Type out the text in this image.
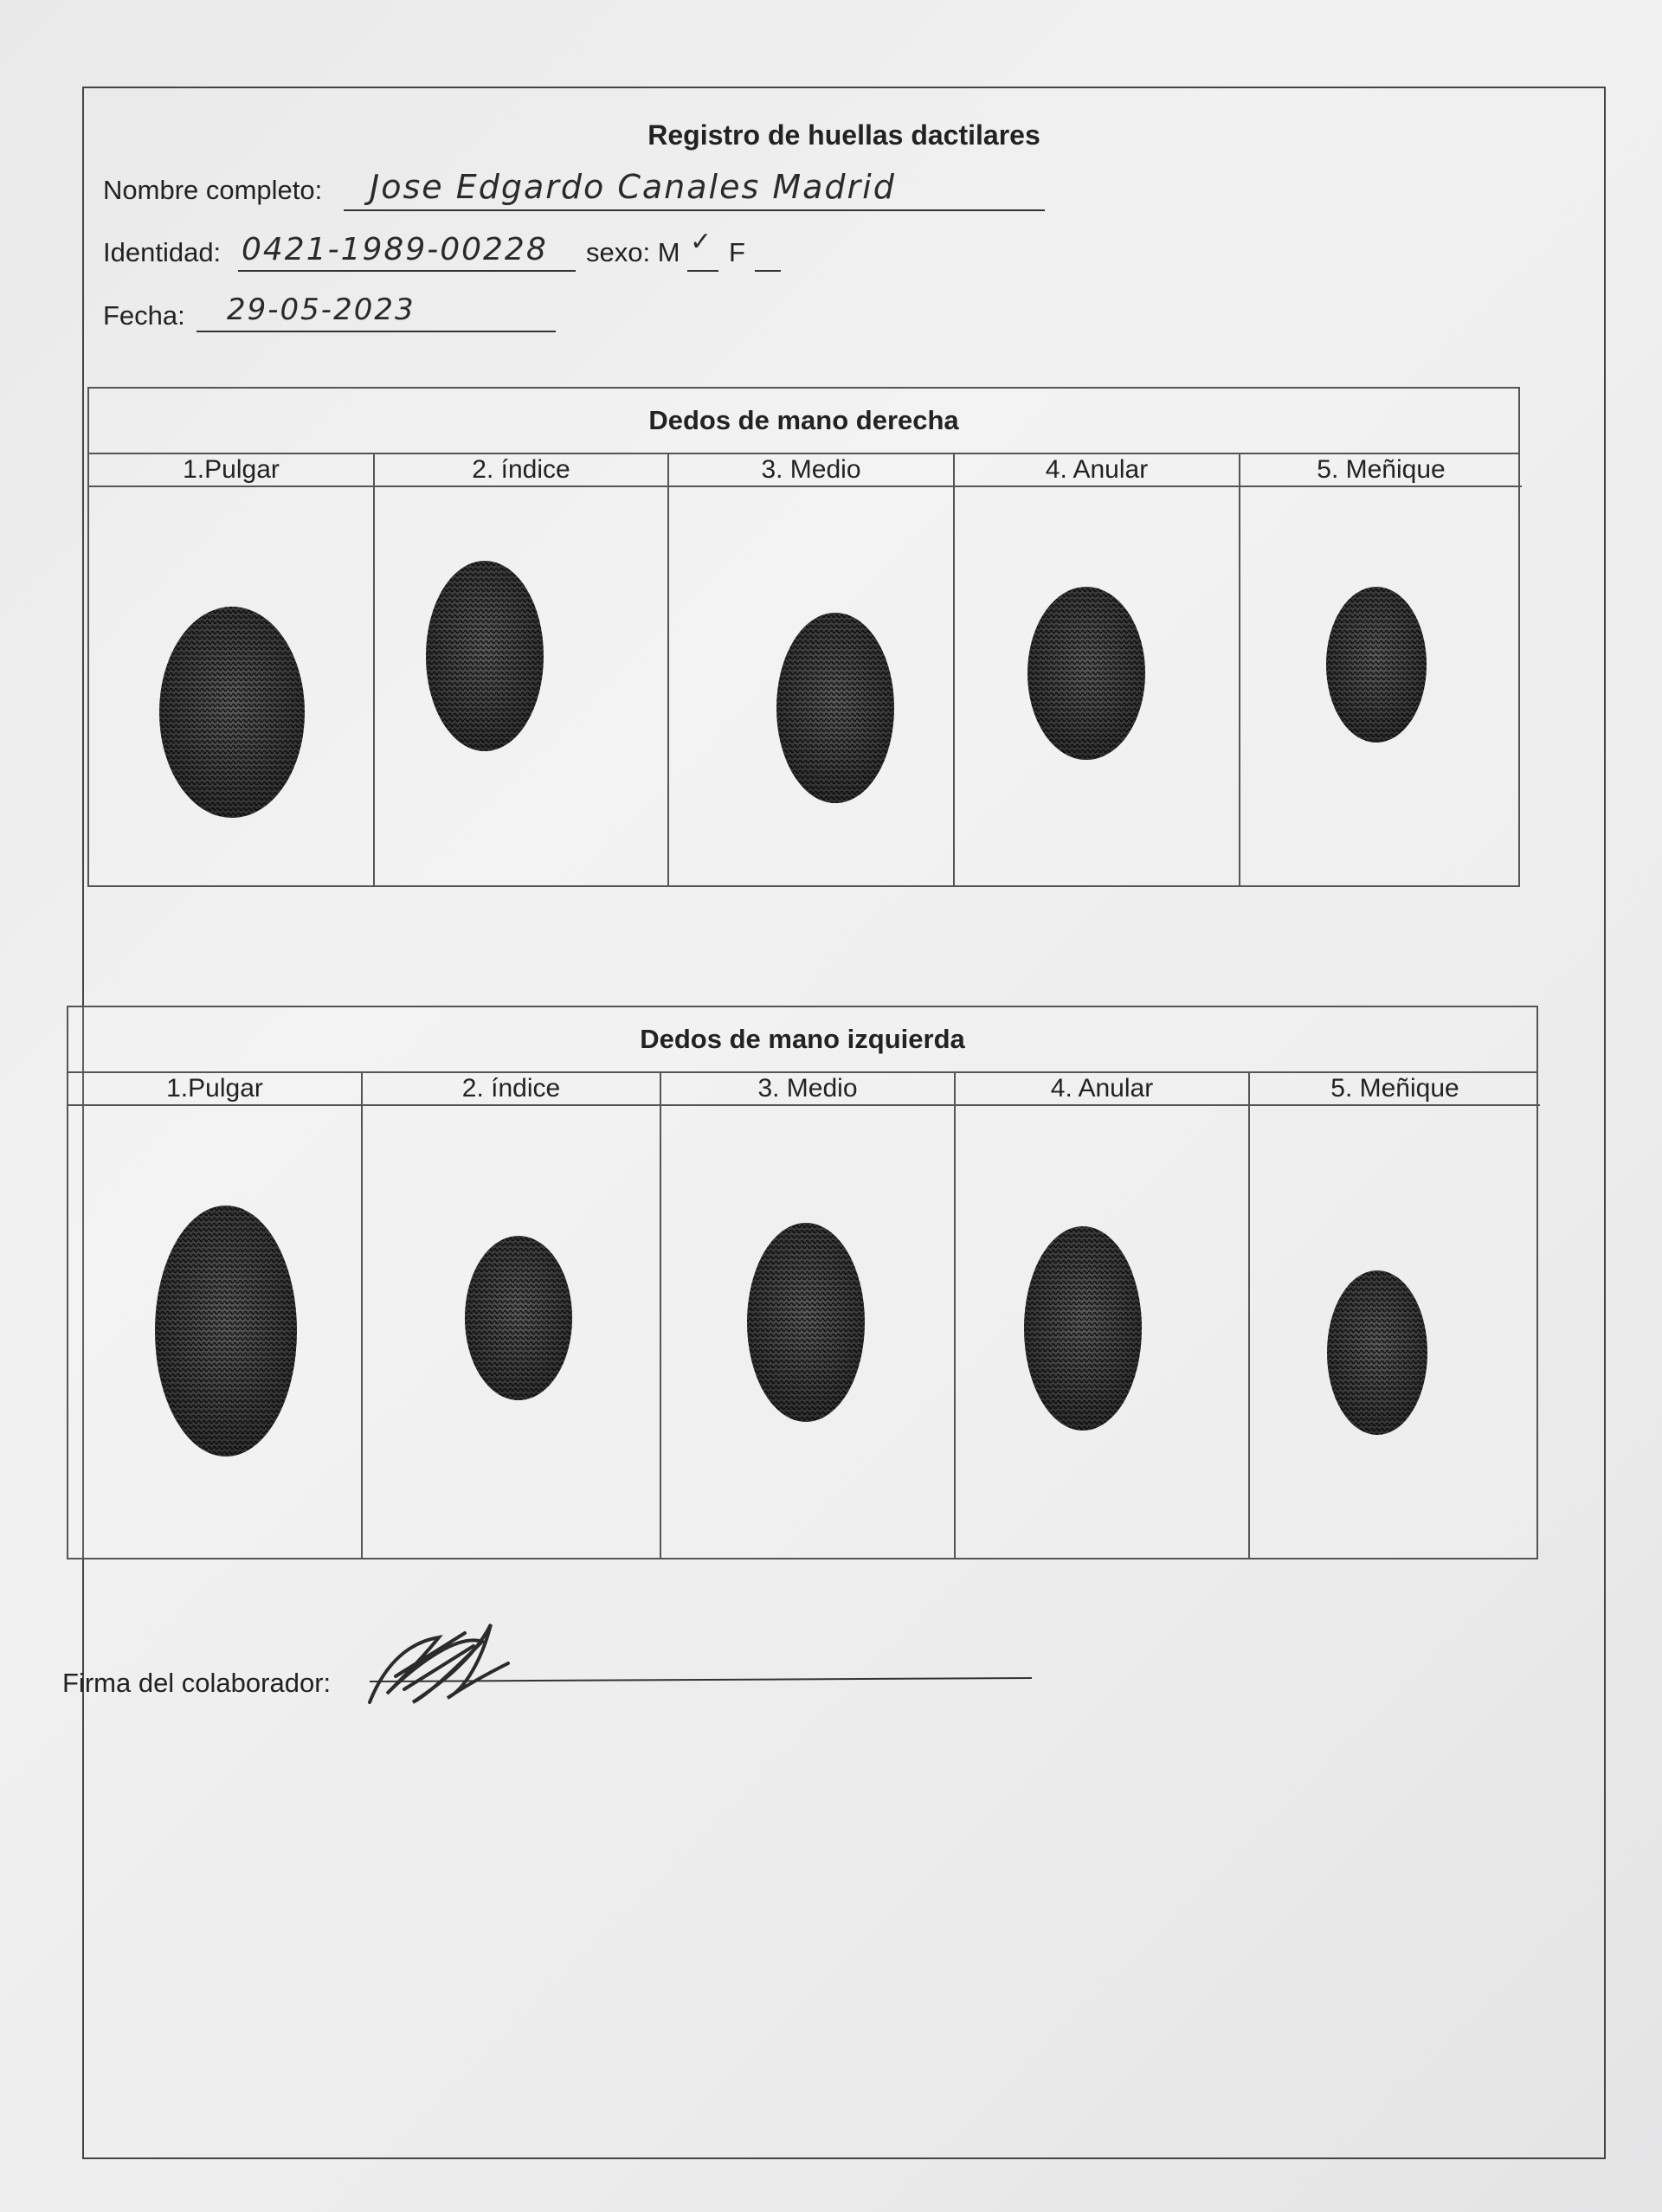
Registro de huellas dactilares
Nombre completo: Jose Edgardo Canales Madrid
Identidad: 0421-1989-00228 sexo: M ✓ F
Fecha: 29-05-2023
Dedos de mano derecha
1.Pulgar	2. índice	3. Medio	4. Anular	5. Meñique
Dedos de mano izquierda
1.Pulgar	2. índice	3. Medio	4. Anular	5. Meñique
Firma del colaborador:
